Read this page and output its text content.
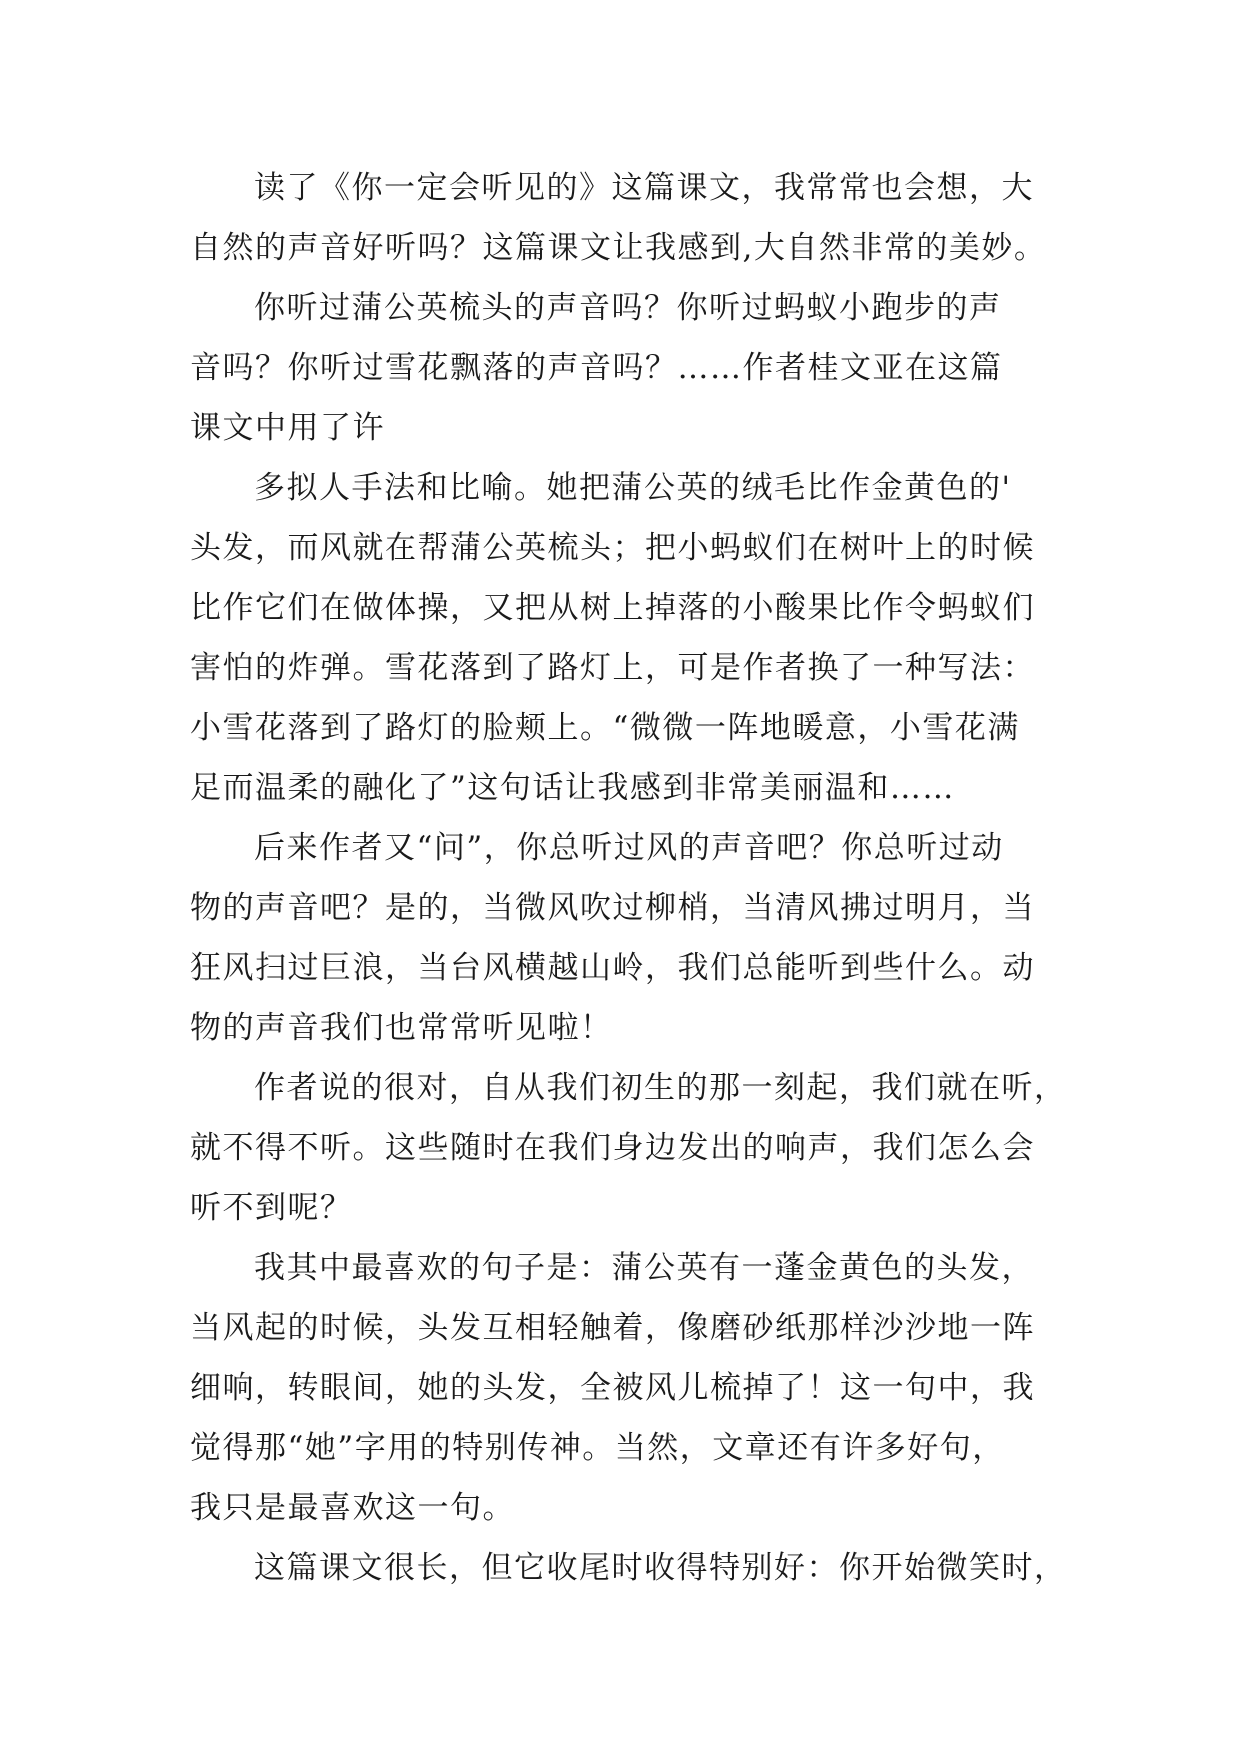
读了《你一定会听见的》这篇课文，我常常也会想，大
自然的声音好听吗？这篇课文让我感到,大自然非常的美妙。
你听过蒲公英梳头的声音吗？你听过蚂蚁小跑步的声
音吗？你听过雪花飘落的声音吗？……作者桂文亚在这篇
课文中用了许
多拟人手法和比喻。她把蒲公英的绒毛比作金黄色的'
头发，而风就在帮蒲公英梳头；把小蚂蚁们在树叶上的时候
比作它们在做体操，又把从树上掉落的小酸果比作令蚂蚁们
害怕的炸弹。雪花落到了路灯上，可是作者换了一种写法：
小雪花落到了路灯的脸颊上。“微微一阵地暖意，小雪花满
足而温柔的融化了”这句话让我感到非常美丽温和……
后来作者又“问”，你总听过风的声音吧？你总听过动
物的声音吧？是的，当微风吹过柳梢，当清风拂过明月，当
狂风扫过巨浪，当台风横越山岭，我们总能听到些什么。动
物的声音我们也常常听见啦！
作者说的很对，自从我们初生的那一刻起，我们就在听，
就不得不听。这些随时在我们身边发出的响声，我们怎么会
听不到呢？
我其中最喜欢的句子是：蒲公英有一蓬金黄色的头发，
当风起的时候，头发互相轻触着，像磨砂纸那样沙沙地一阵
细响，转眼间，她的头发，全被风儿梳掉了！这一句中，我
觉得那“她”字用的特别传神。当然，文章还有许多好句，
我只是最喜欢这一句。
这篇课文很长，但它收尾时收得特别好：你开始微笑时，
